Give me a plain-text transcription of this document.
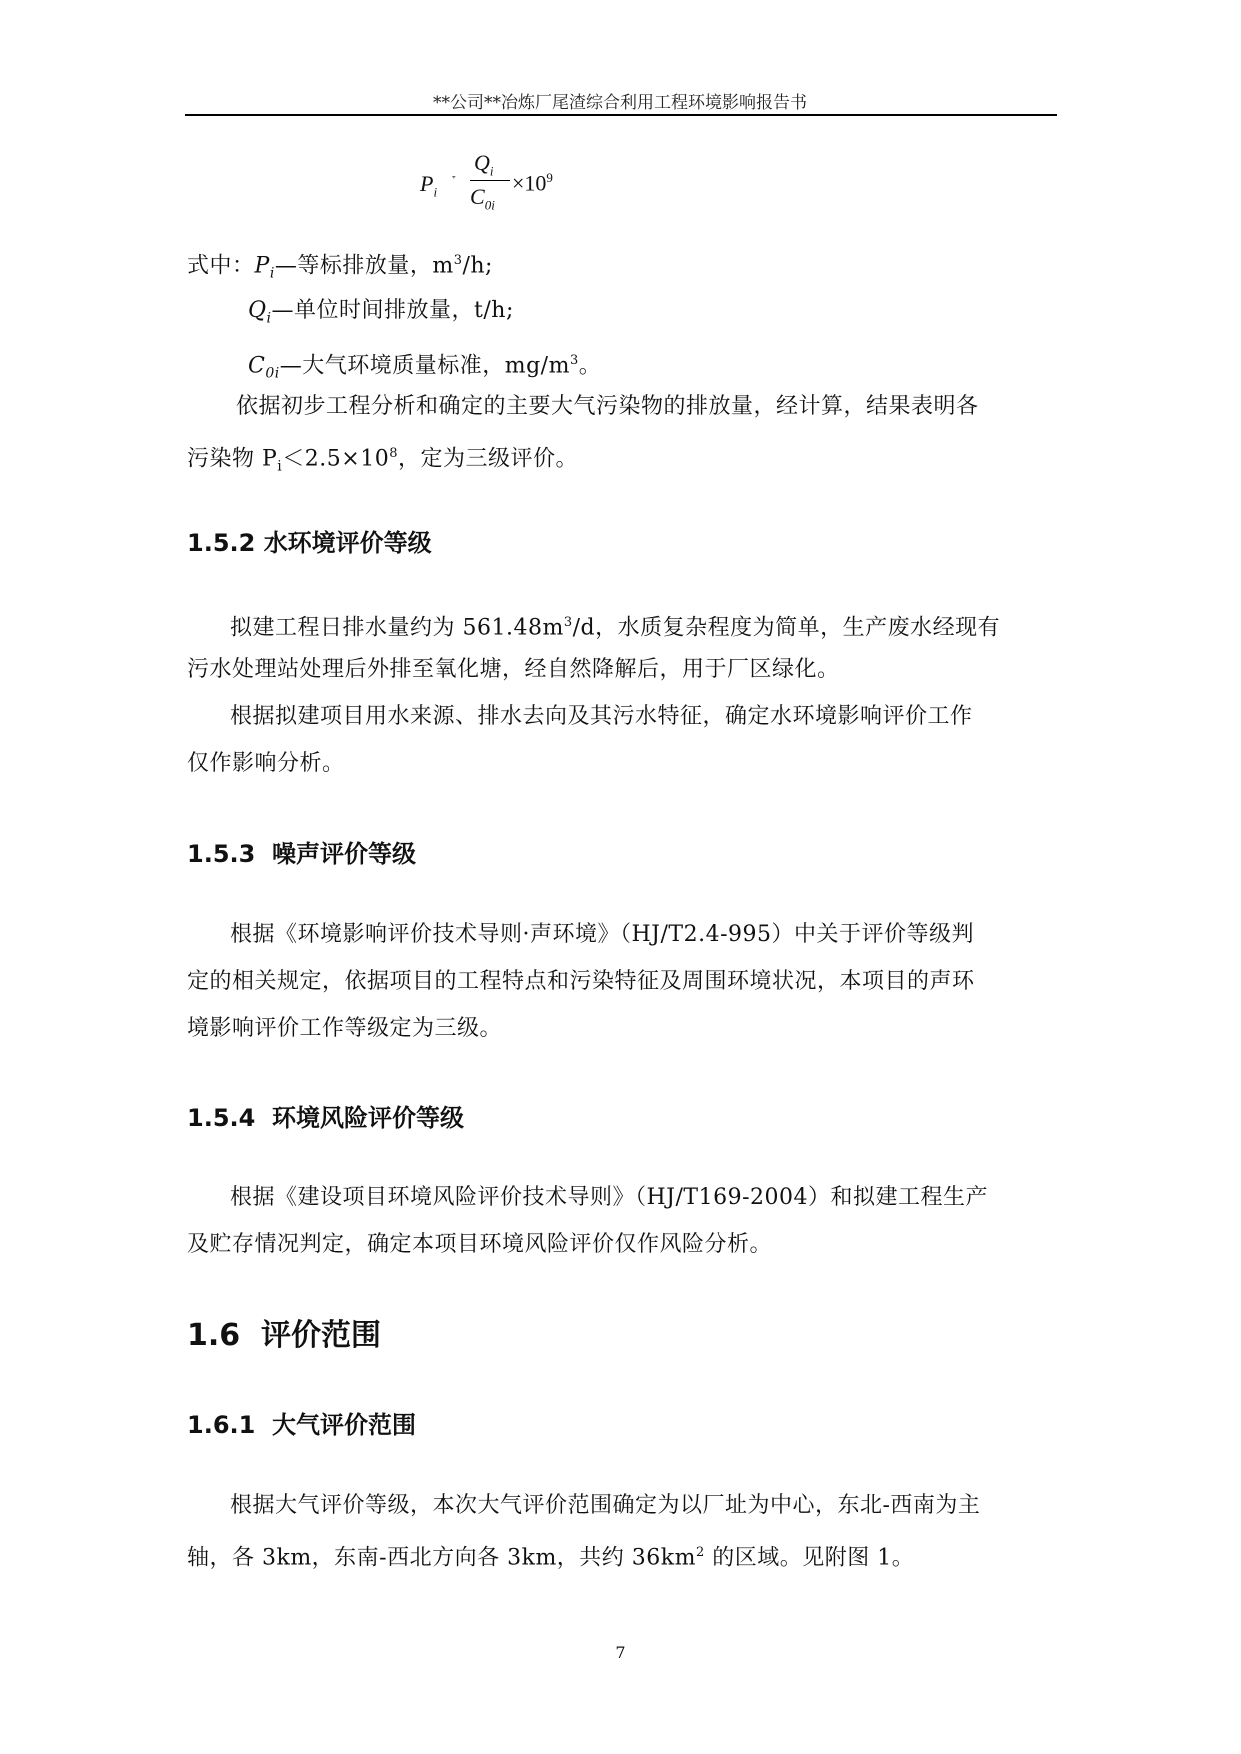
**公司**冶炼厂尾渣综合利用工程环境影响报告书
$P_i$
$Q_i$
$C_{0i}$
$\times 10^9$
式中：$P_i—$等标排放量，$m^3/h$;
$Q_i—$单位时间排放量，t/h;
$C_{0i}—$大气环境质量标准，$mg/m^3$。
依据初步工程分析和确定的主要大气污染物的排放量，经计算，结果表明各
污染物 $P_i<2.5\times 10^8$，定为三级评价。
1.5.2 水环境评价等级
拟建工程日排水量约为 $561.48m^3/d$，水质复杂程度为简单，生产废水经现有
污水处理站处理后外排至氧化塘，经自然降解后，用于厂区绿化。
根据拟建项目用水来源、排水去向及其污水特征，确定水环境影响评价工作
仅作影响分析。
1.5.3  噪声评价等级
根据《环境影响评价技术导则·声环境》（HJ/T2.4-995）中关于评价等级判
定的相关规定，依据项目的工程特点和污染特征及周围环境状况，本项目的声环
境影响评价工作等级定为三级。
1.5.4  环境风险评价等级
根据《建设项目环境风险评价技术导则》（HJ/T169-2004）和拟建工程生产
及贮存情况判定，确定本项目环境风险评价仅作风险分析。
1.6  评价范围
1.6.1  大气评价范围
根据大气评价等级，本次大气评价范围确定为以厂址为中心，东北-西南为主
轴，各 3km，东南-西北方向各 3km，共约 $36km^2$ 的区域。见附图 1。
7
